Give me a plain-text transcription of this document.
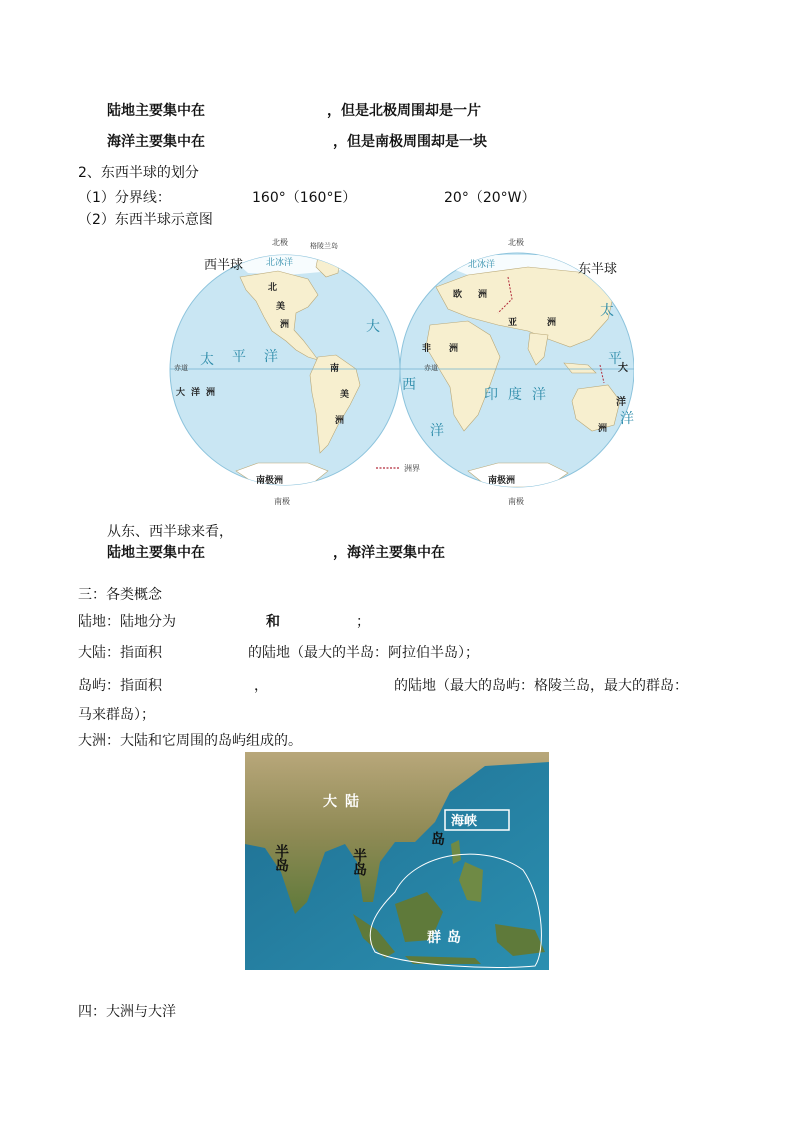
陆地主要集中在	，但是北极周围却是一片
海洋主要集中在	，但是南极周围却是一块
2、东西半球的划分
（1）分界线：	160°（160°E）	20°（20°W）
（2）东西半球示意图
西半球
北极	格陵兰岛
北冰洋
北
美
洲
南
美
洲
太 平 洋
大
赤道
大洋洲
南极洲
南极
东半球
北极
北冰洋
欧洲
亚洲
非洲
印度洋
西
洋
太
平
大
洋
洋
洲
赤道
南极洲
南极
洲界
从东、西半球来看，
陆地主要集中在	，海洋主要集中在
三：各类概念
陆地：陆地分为	和	；
大陆：指面积	的陆地（最大的半岛：阿拉伯半岛）；
岛屿：指面积	，	的陆地（最大的岛屿：格陵兰岛，最大的群岛：
马来群岛）；
大洲：大陆和它周围的岛屿组成的。
大陆
半岛	半岛
岛
海峡
群岛
四：大洲与大洋
